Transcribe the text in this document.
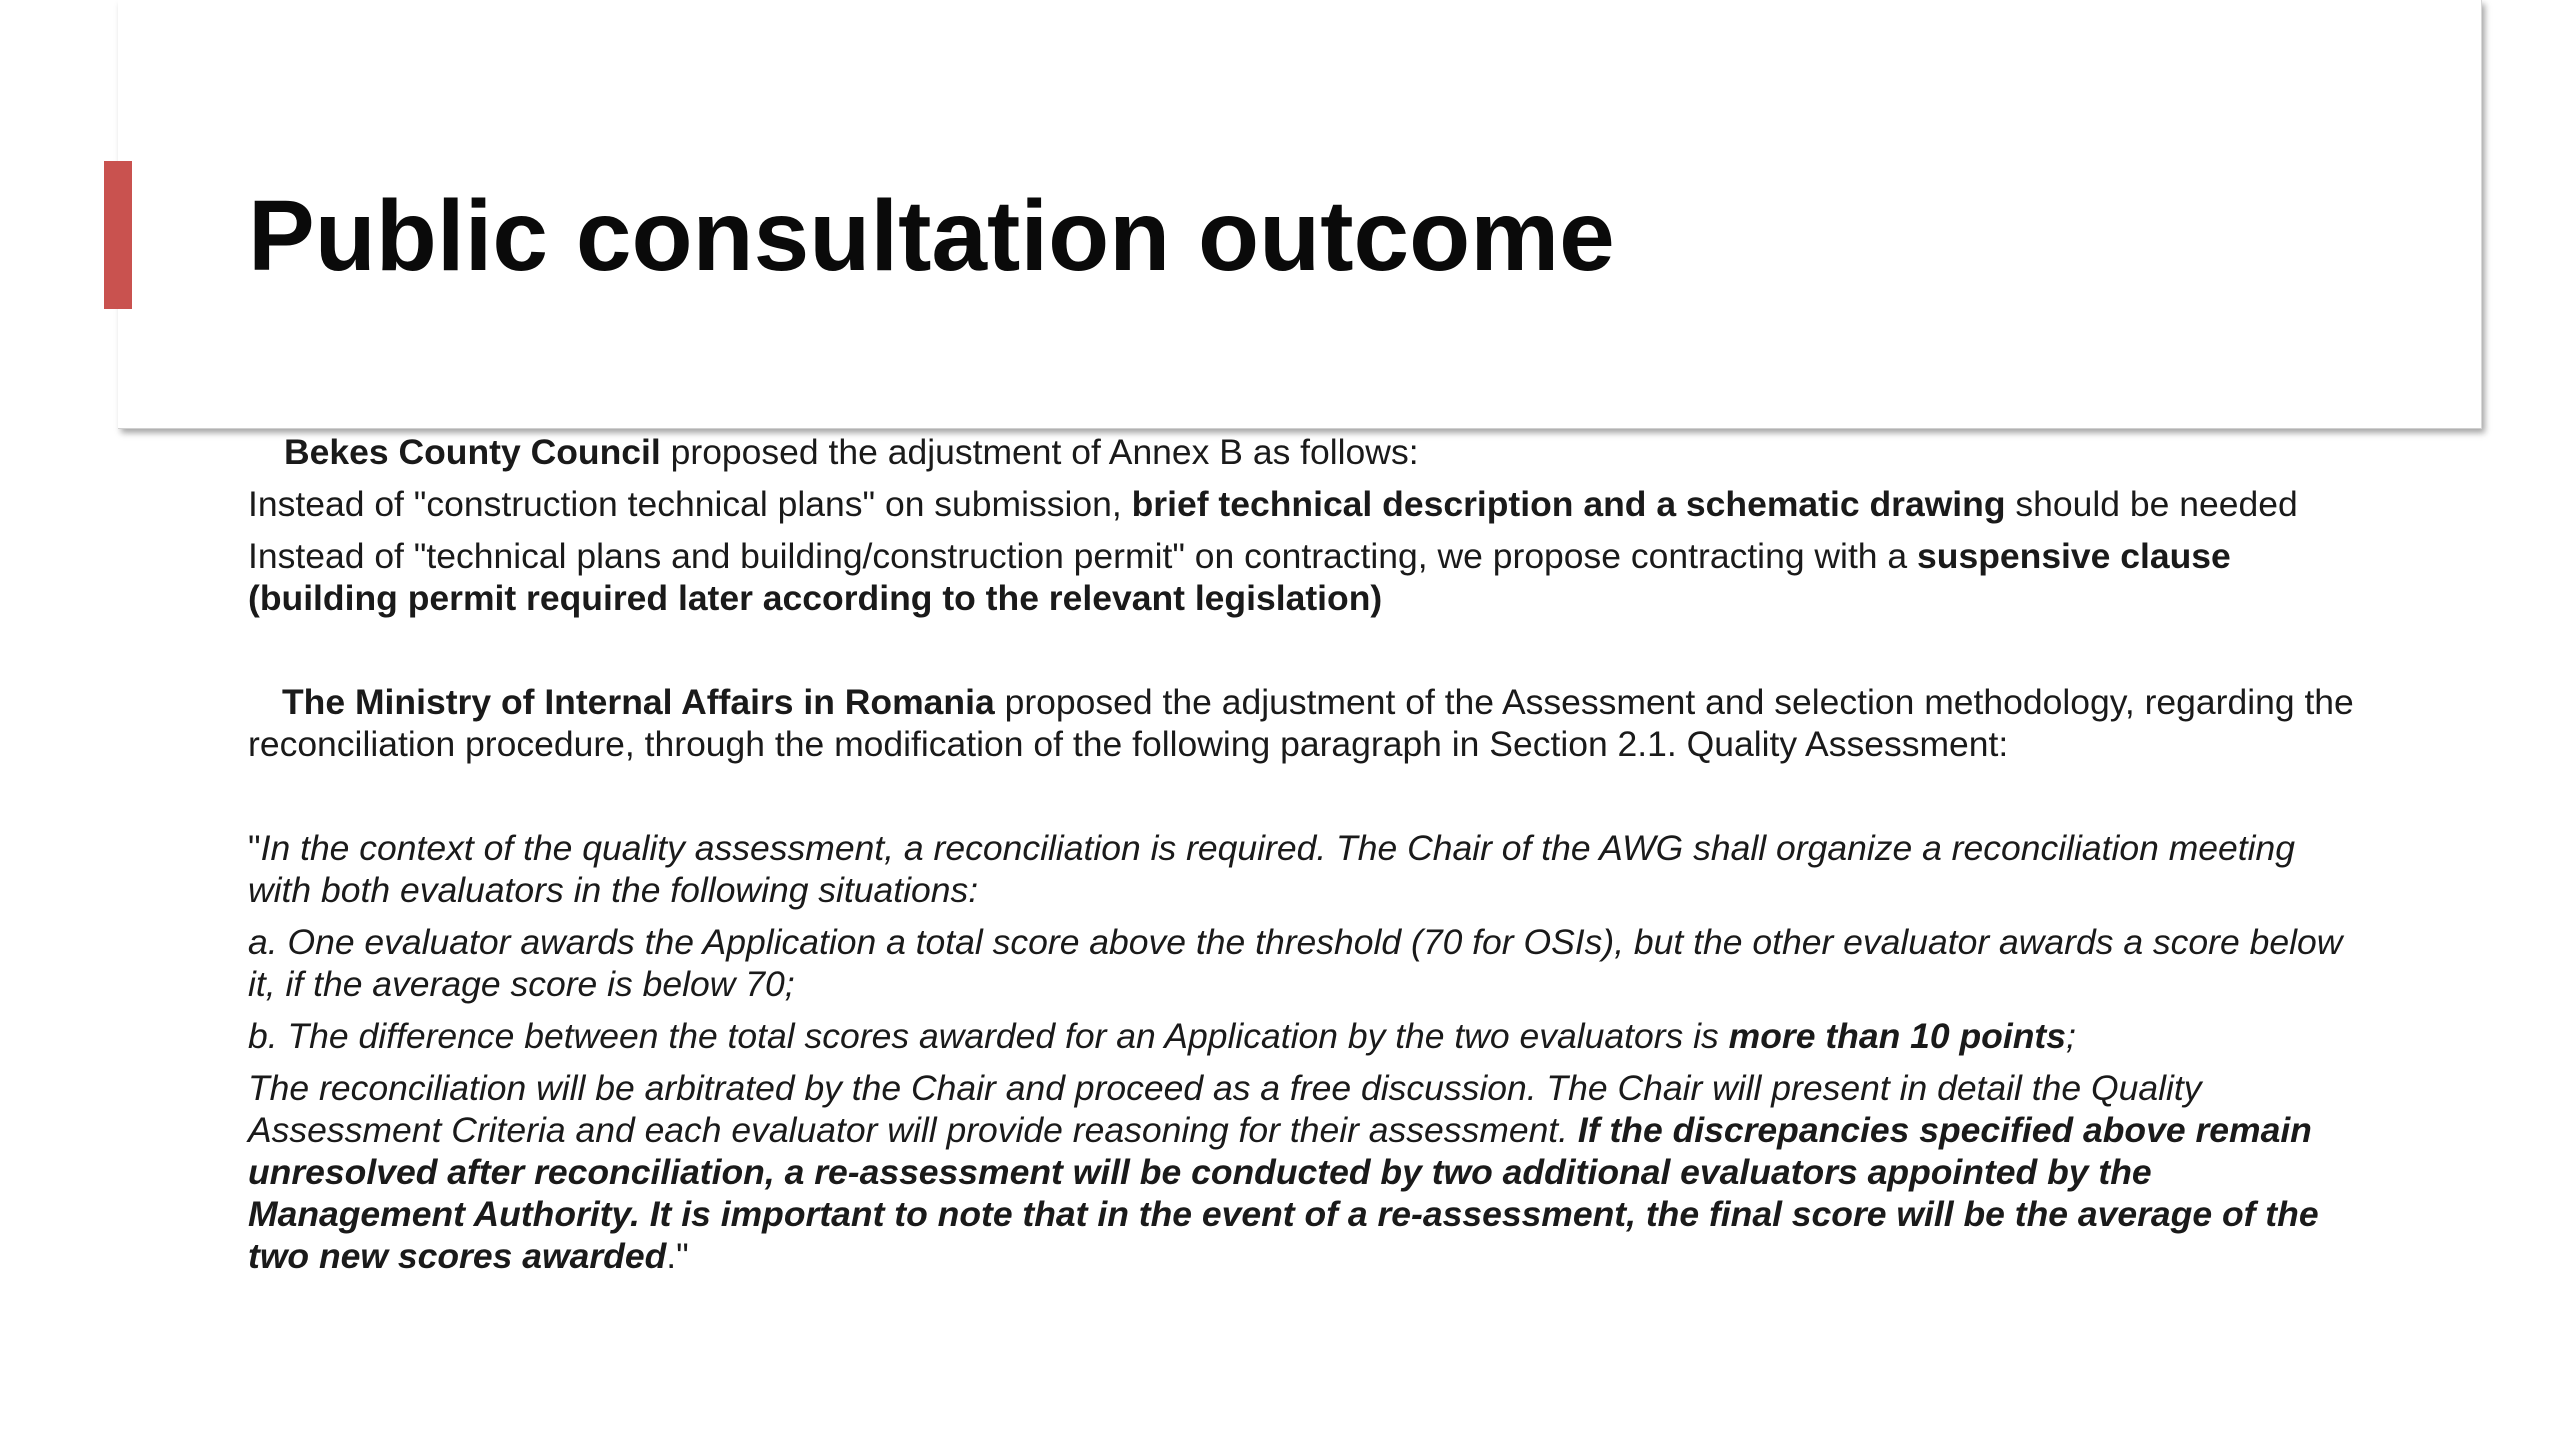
Public consultation outcome

Bekes County Council proposed the adjustment of Annex B as follows:

Instead of "construction technical plans" on submission, brief technical description and a schematic drawing should be needed

Instead of "technical plans and building/construction permit" on contracting, we propose contracting with a suspensive clause (building permit required later according to the relevant legislation)

The Ministry of Internal Affairs in Romania proposed the adjustment of the Assessment and selection methodology, regarding the reconciliation procedure, through the modification of the following paragraph in Section 2.1. Quality Assessment:

"In the context of the quality assessment, a reconciliation is required. The Chair of the AWG shall organize a reconciliation meeting with both evaluators in the following situations:

a. One evaluator awards the Application a total score above the threshold (70 for OSIs), but the other evaluator awards a score below it, if the average score is below 70;

b. The difference between the total scores awarded for an Application by the two evaluators is more than 10 points;

The reconciliation will be arbitrated by the Chair and proceed as a free discussion. The Chair will present in detail the Quality Assessment Criteria and each evaluator will provide reasoning for their assessment. If the discrepancies specified above remain unresolved after reconciliation, a re-assessment will be conducted by two additional evaluators appointed by the Management Authority. It is important to note that in the event of a re-assessment, the final score will be the average of the two new scores awarded."
